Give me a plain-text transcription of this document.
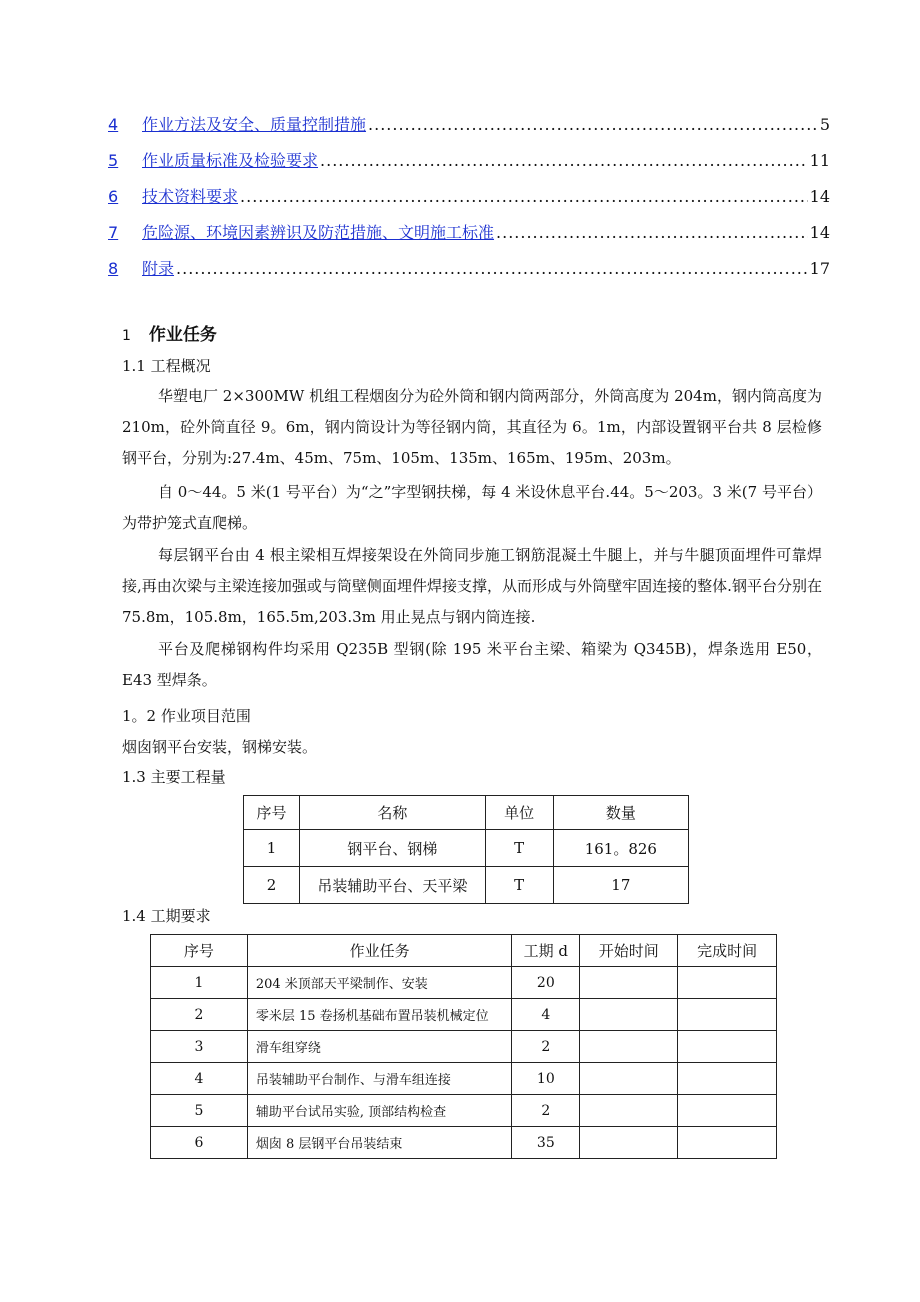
4	作业方法及安全、质量控制措施 .....	5
5	作业质量标准及检验要求 .....	11
6	技术资料要求 .....	14
7	危险源、环境因素辨识及防范措施、文明施工标准 .....	14
8	附录 .....	17
1 作业任务
1.1 工程概况
华塑电厂 2×300MW 机组工程烟囱分为砼外筒和钢内筒两部分，外筒高度为 204m，钢内筒高度为 210m，砼外筒直径 9。6m，钢内筒设计为等径钢内筒，其直径为 6。1m，内部设置钢平台共 8 层检修钢平台，分别为:27.4m、45m、75m、105m、135m、165m、195m、203m。
自 0～44。5 米(1 号平台）为“之”字型钢扶梯，每 4 米设休息平台.44。5～203。3 米(7 号平台）为带护笼式直爬梯。
每层钢平台由 4 根主梁相互焊接架设在外筒同步施工钢筋混凝土牛腿上，并与牛腿顶面埋件可靠焊接,再由次梁与主梁连接加强或与筒壁侧面埋件焊接支撑，从而形成与外筒壁牢固连接的整体.钢平台分别在 75.8m，105.8m，165.5m,203.3m 用止晃点与钢内筒连接.
平台及爬梯钢构件均采用 Q235B 型钢(除 195 米平台主梁、箱梁为 Q345B)，焊条选用 E50，E43 型焊条。
1。2 作业项目范围
烟囱钢平台安装，钢梯安装。
1.3 主要工程量
序号	名称	单位	数量
1	钢平台、钢梯	T	161。826
2	吊装辅助平台、天平梁	T	17
1.4 工期要求
序号	作业任务	工期 d	开始时间	完成时间
1	204 米顶部天平梁制作、安装	20		
2	零米层 15 卷扬机基础布置吊装机械定位	4		
3	滑车组穿绕	2		
4	吊装辅助平台制作、与滑车组连接	10		
5	辅助平台试吊实验, 顶部结构检查	2		
6	烟囱 8 层钢平台吊装结束	35		
